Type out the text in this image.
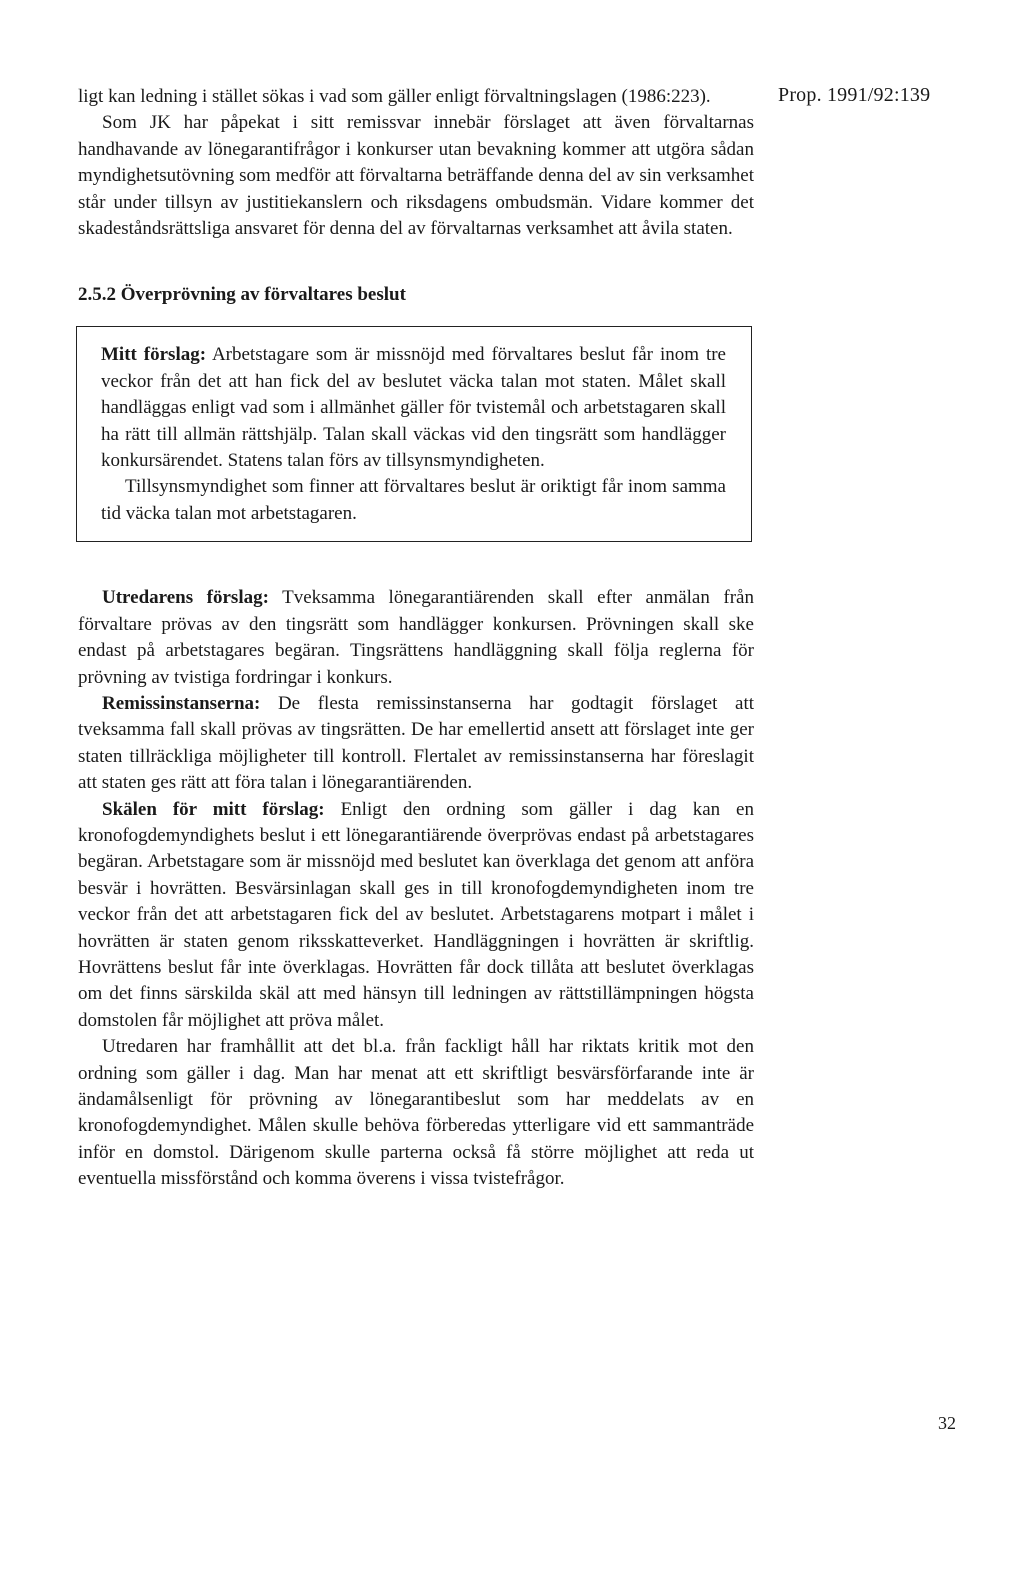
Prop. 1991/92:139

ligt kan ledning i stället sökas i vad som gäller enligt förvaltningslagen (1986:223).

Som JK har påpekat i sitt remissvar innebär förslaget att även förvaltarnas handhavande av lönegarantifrågor i konkurser utan bevakning kommer att utgöra sådan myndighetsutövning som medför att förvaltarna beträffande denna del av sin verksamhet står under tillsyn av justitiekanslern och riksdagens ombudsmän. Vidare kommer det skadeståndsrättsliga ansvaret för denna del av förvaltarnas verksamhet att åvila staten.

2.5.2 Överprövning av förvaltares beslut

Mitt förslag: Arbetstagare som är missnöjd med förvaltares beslut får inom tre veckor från det att han fick del av beslutet väcka talan mot staten. Målet skall handläggas enligt vad som i allmänhet gäller för tvistemål och arbetstagaren skall ha rätt till allmän rättshjälp. Talan skall väckas vid den tingsrätt som handlägger konkursärendet. Statens talan förs av tillsynsmyndigheten.

Tillsynsmyndighet som finner att förvaltares beslut är oriktigt får inom samma tid väcka talan mot arbetstagaren.

Utredarens förslag: Tveksamma lönegarantiärenden skall efter anmälan från förvaltare prövas av den tingsrätt som handlägger konkursen. Prövningen skall ske endast på arbetstagares begäran. Tingsrättens handläggning skall följa reglerna för prövning av tvistiga fordringar i konkurs.

Remissinstanserna: De flesta remissinstanserna har godtagit förslaget att tveksamma fall skall prövas av tingsrätten. De har emellertid ansett att förslaget inte ger staten tillräckliga möjligheter till kontroll. Flertalet av remissinstanserna har föreslagit att staten ges rätt att föra talan i lönegarantiärenden.

Skälen för mitt förslag: Enligt den ordning som gäller i dag kan en kronofogdemyndighets beslut i ett lönegarantiärende överprövas endast på arbetstagares begäran. Arbetstagare som är missnöjd med beslutet kan överklaga det genom att anföra besvär i hovrätten. Besvärsinlagan skall ges in till kronofogdemyndigheten inom tre veckor från det att arbetstagaren fick del av beslutet. Arbetstagarens motpart i målet i hovrätten är staten genom riksskatteverket. Handläggningen i hovrätten är skriftlig. Hovrättens beslut får inte överklagas. Hovrätten får dock tillåta att beslutet överklagas om det finns särskilda skäl att med hänsyn till ledningen av rättstillämpningen högsta domstolen får möjlighet att pröva målet.

Utredaren har framhållit att det bl.a. från fackligt håll har riktats kritik mot den ordning som gäller i dag. Man har menat att ett skriftligt besvärsförfarande inte är ändamålsenligt för prövning av lönegarantibeslut som har meddelats av en kronofogdemyndighet. Målen skulle behöva förberedas ytterligare vid ett sammanträde inför en domstol. Därigenom skulle parterna också få större möjlighet att reda ut eventuella missförstånd och komma överens i vissa tvistefrågor.

32
